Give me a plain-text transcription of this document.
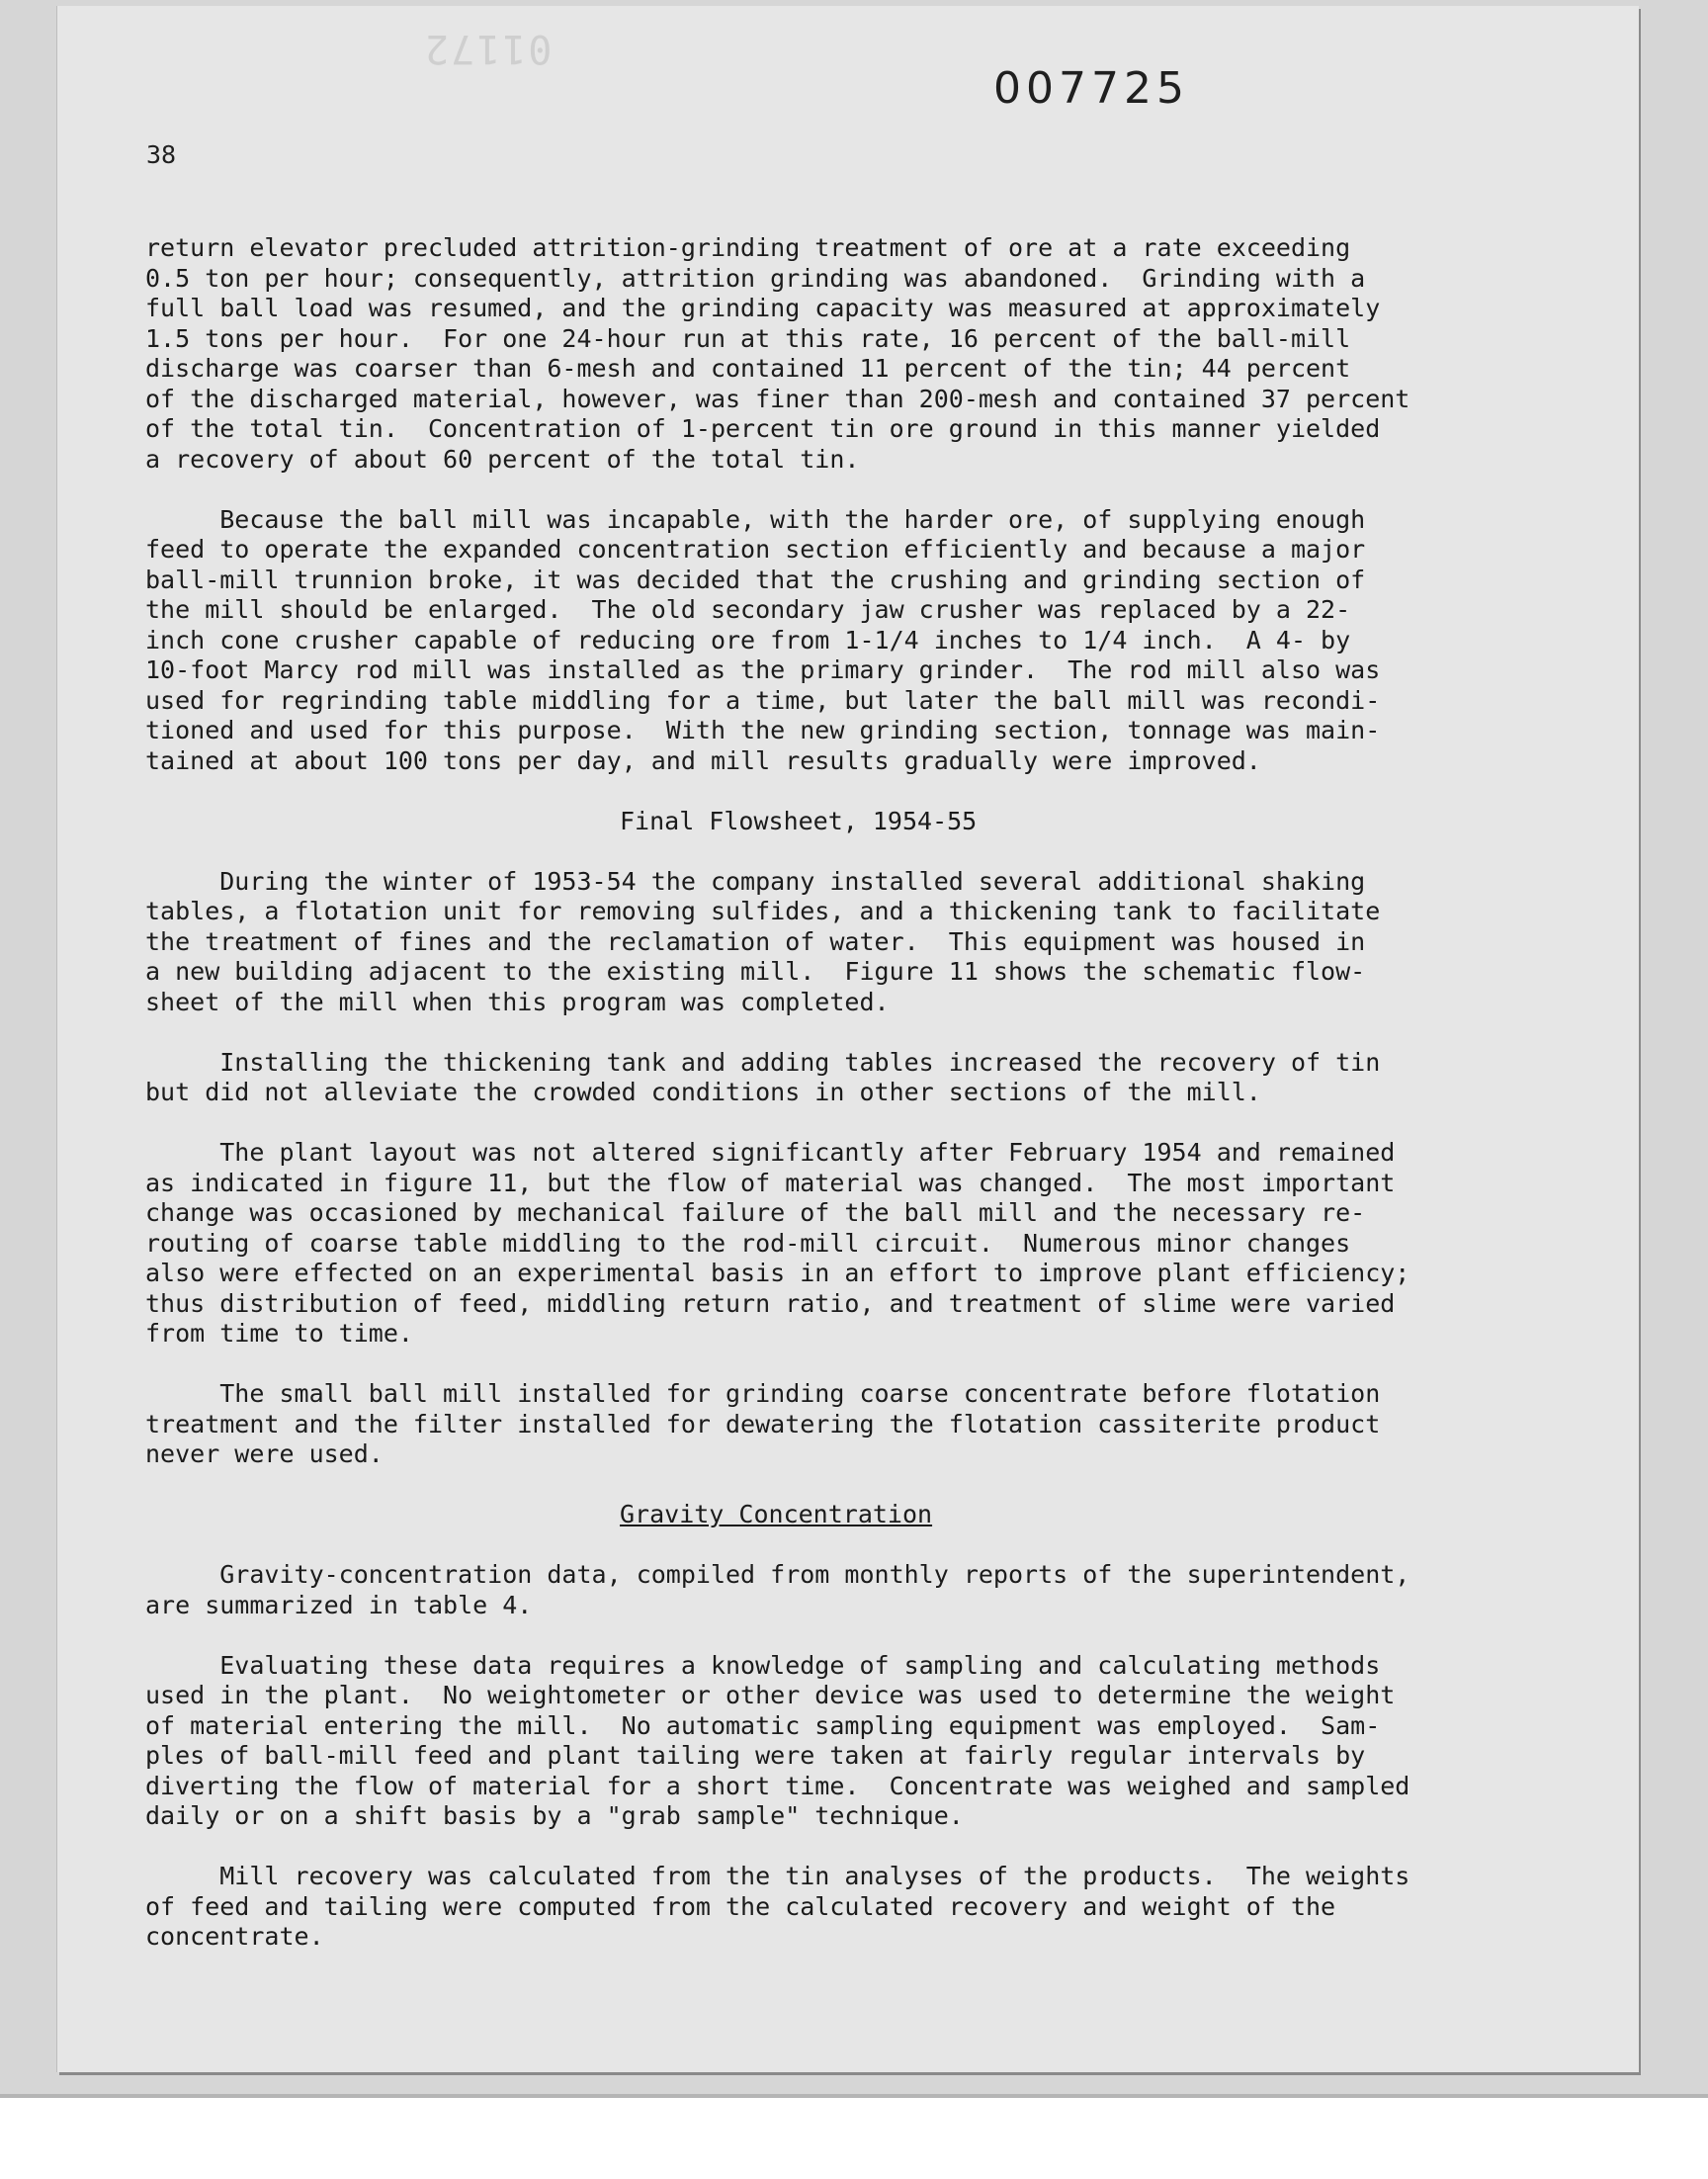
01172
007725
38
return elevator precluded attrition-grinding treatment of ore at a rate exceeding
0.5 ton per hour; consequently, attrition grinding was abandoned.  Grinding with a
full ball load was resumed, and the grinding capacity was measured at approximately
1.5 tons per hour.  For one 24-hour run at this rate, 16 percent of the ball-mill
discharge was coarser than 6-mesh and contained 11 percent of the tin; 44 percent
of the discharged material, however, was finer than 200-mesh and contained 37 percent
of the total tin.  Concentration of 1-percent tin ore ground in this manner yielded
a recovery of about 60 percent of the total tin.
Because the ball mill was incapable, with the harder ore, of supplying enough
feed to operate the expanded concentration section efficiently and because a major
ball-mill trunnion broke, it was decided that the crushing and grinding section of
the mill should be enlarged.  The old secondary jaw crusher was replaced by a 22-
inch cone crusher capable of reducing ore from 1-1/4 inches to 1/4 inch.  A 4- by
10-foot Marcy rod mill was installed as the primary grinder.  The rod mill also was
used for regrinding table middling for a time, but later the ball mill was recondi-
tioned and used for this purpose.  With the new grinding section, tonnage was main-
tained at about 100 tons per day, and mill results gradually were improved.
Final Flowsheet, 1954-55
During the winter of 1953-54 the company installed several additional shaking
tables, a flotation unit for removing sulfides, and a thickening tank to facilitate
the treatment of fines and the reclamation of water.  This equipment was housed in
a new building adjacent to the existing mill.  Figure 11 shows the schematic flow-
sheet of the mill when this program was completed.
Installing the thickening tank and adding tables increased the recovery of tin
but did not alleviate the crowded conditions in other sections of the mill.
The plant layout was not altered significantly after February 1954 and remained
as indicated in figure 11, but the flow of material was changed.  The most important
change was occasioned by mechanical failure of the ball mill and the necessary re-
routing of coarse table middling to the rod-mill circuit.  Numerous minor changes
also were effected on an experimental basis in an effort to improve plant efficiency;
thus distribution of feed, middling return ratio, and treatment of slime were varied
from time to time.
The small ball mill installed for grinding coarse concentrate before flotation
treatment and the filter installed for dewatering the flotation cassiterite product
never were used.
Gravity Concentration
Gravity-concentration data, compiled from monthly reports of the superintendent,
are summarized in table 4.
Evaluating these data requires a knowledge of sampling and calculating methods
used in the plant.  No weightometer or other device was used to determine the weight
of material entering the mill.  No automatic sampling equipment was employed.  Sam-
ples of ball-mill feed and plant tailing were taken at fairly regular intervals by
diverting the flow of material for a short time.  Concentrate was weighed and sampled
daily or on a shift basis by a "grab sample" technique.
Mill recovery was calculated from the tin analyses of the products.  The weights
of feed and tailing were computed from the calculated recovery and weight of the
concentrate.
